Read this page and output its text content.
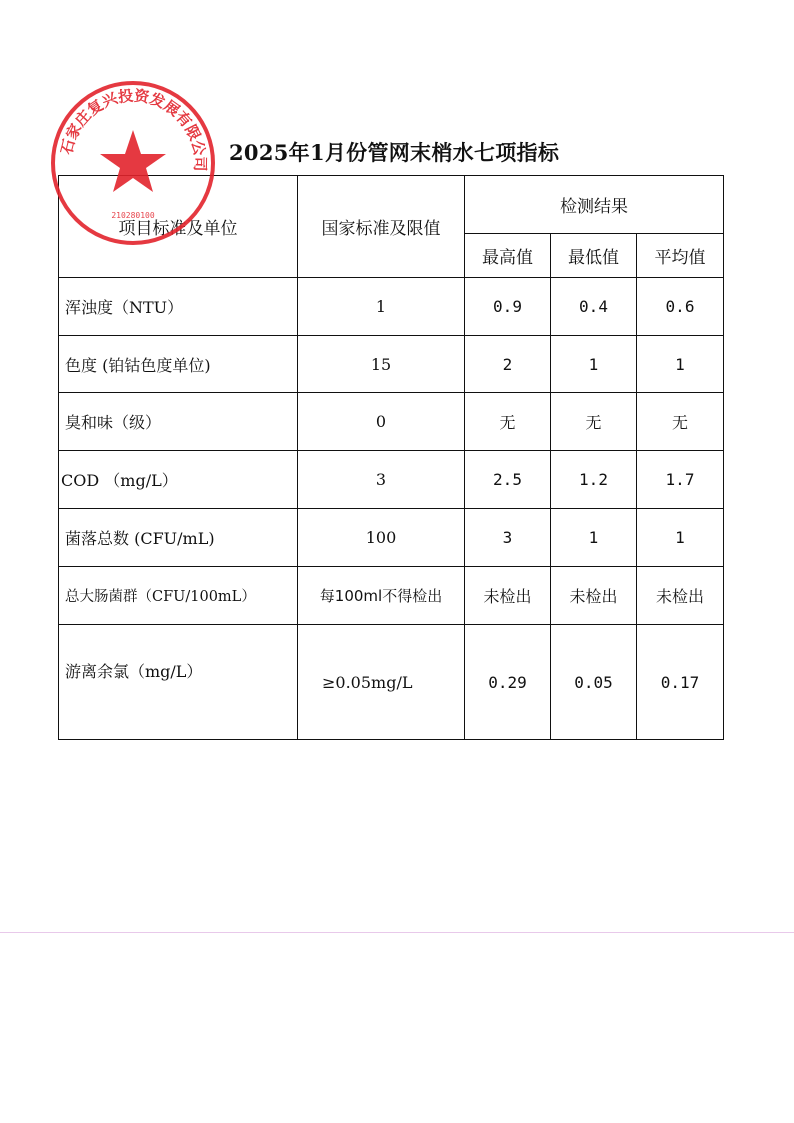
2025年1月份管网末梢水七项指标
项目标准及单位	国家标准及限值	检测结果		
		最高值	最低值	平均值
浑浊度（NTU）	1	0.9	0.4	0.6
色度 (铂钴色度单位)	15	2	1	1
臭和味（级）	0	无	无	无
COD （mg/L）	3	2.5	1.2	1.7
菌落总数 (CFU/mL)	100	3	1	1
总大肠菌群（CFU/100mL）	每100ml不得检出	未检出	未检出	未检出
游离余氯（mg/L）	≥0.05mg/L	0.29	0.05	0.17
石家庄复兴投资发展有限公司
210280100
